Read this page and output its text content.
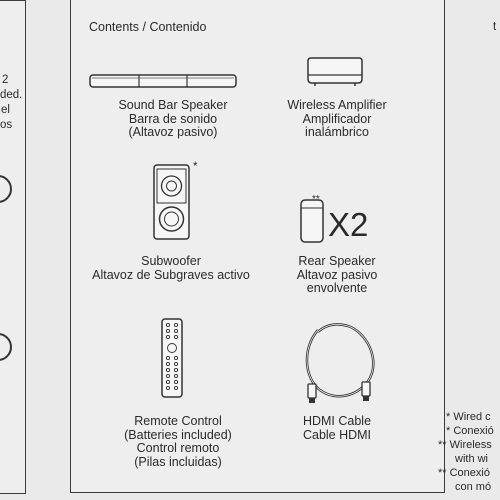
2
ded.
el
os
t
Contents / Contenido
Sound Bar Speaker
Barra de sonido
(Altavoz pasivo)
Wireless Amplifier
Amplificador
inalámbrico
*
Subwoofer
Altavoz de Subgraves activo
**
X2
Rear Speaker
Altavoz pasivo
envolvente
Remote Control
(Batteries included)
Control remoto
(Pilas incluidas)
HDMI Cable
Cable HDMI
* Wired c
* Conexió
** Wireless
with wi
** Conexió
con mó
